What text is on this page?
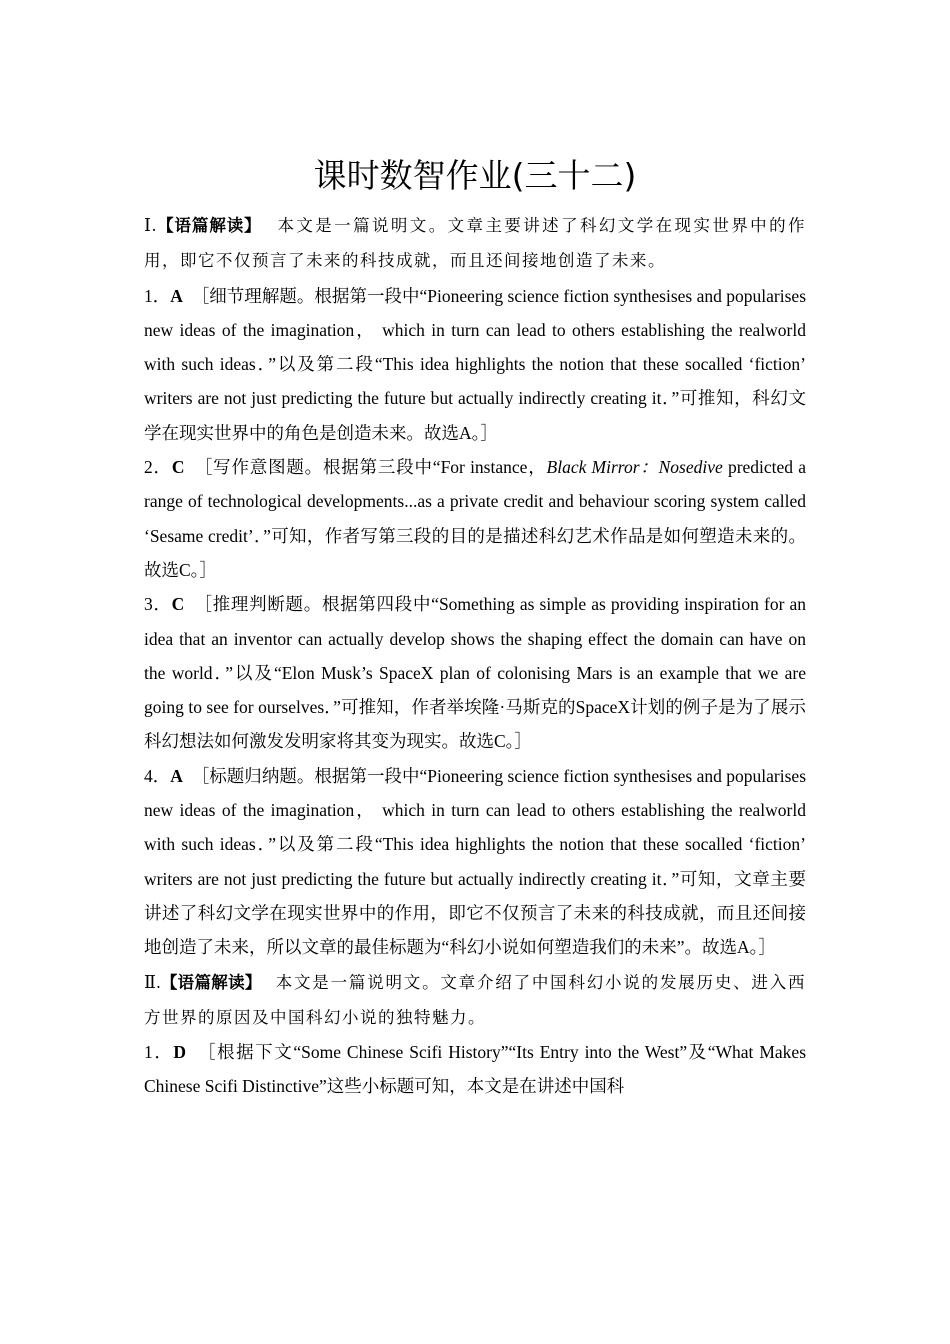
课时数智作业(三十二)

Ⅰ.【语篇解读】 本文是一篇说明文。文章主要讲述了科幻文学在现实世界中的作用，即它不仅预言了未来的科技成就，而且还间接地创造了未来。

1．A ［细节理解题。根据第一段中“Pioneering science fiction synthesises and popularises new ideas of the imagination， which in turn can lead to others establishing the realworld with such ideas．”以及第二段“This idea highlights the notion that these socalled ‘fiction’ writers are not just predicting the future but actually indirectly creating it．”可推知，科幻文学在现实世界中的角色是创造未来。故选A。］

2．C ［写作意图题。根据第三段中“For instance，Black Mirror：Nosedive predicted a range of technological developments...as a private credit and behaviour scoring system called ‘Sesame credit’．”可知，作者写第三段的目的是描述科幻艺术作品是如何塑造未来的。故选C。］

3．C ［推理判断题。根据第四段中“Something as simple as providing inspiration for an idea that an inventor can actually develop shows the shaping effect the domain can have on the world．”以及“Elon Musk’s SpaceX plan of colonising Mars is an example that we are going to see for ourselves．”可推知，作者举埃隆·马斯克的SpaceX计划的例子是为了展示科幻想法如何激发发明家将其变为现实。故选C。］

4．A ［标题归纳题。根据第一段中“Pioneering science fiction synthesises and popularises new ideas of the imagination， which in turn can lead to others establishing the realworld with such ideas．”以及第二段“This idea highlights the notion that these socalled ‘fiction’ writers are not just predicting the future but actually indirectly creating it．”可知，文章主要讲述了科幻文学在现实世界中的作用，即它不仅预言了未来的科技成就，而且还间接地创造了未来，所以文章的最佳标题为“科幻小说如何塑造我们的未来”。故选A。］

Ⅱ.【语篇解读】 本文是一篇说明文。文章介绍了中国科幻小说的发展历史、进入西方世界的原因及中国科幻小说的独特魅力。

1．D ［根据下文“Some Chinese Scifi History”“Its Entry into the West”及“What Makes Chinese Scifi Distinctive”这些小标题可知，本文是在讲述中国科
